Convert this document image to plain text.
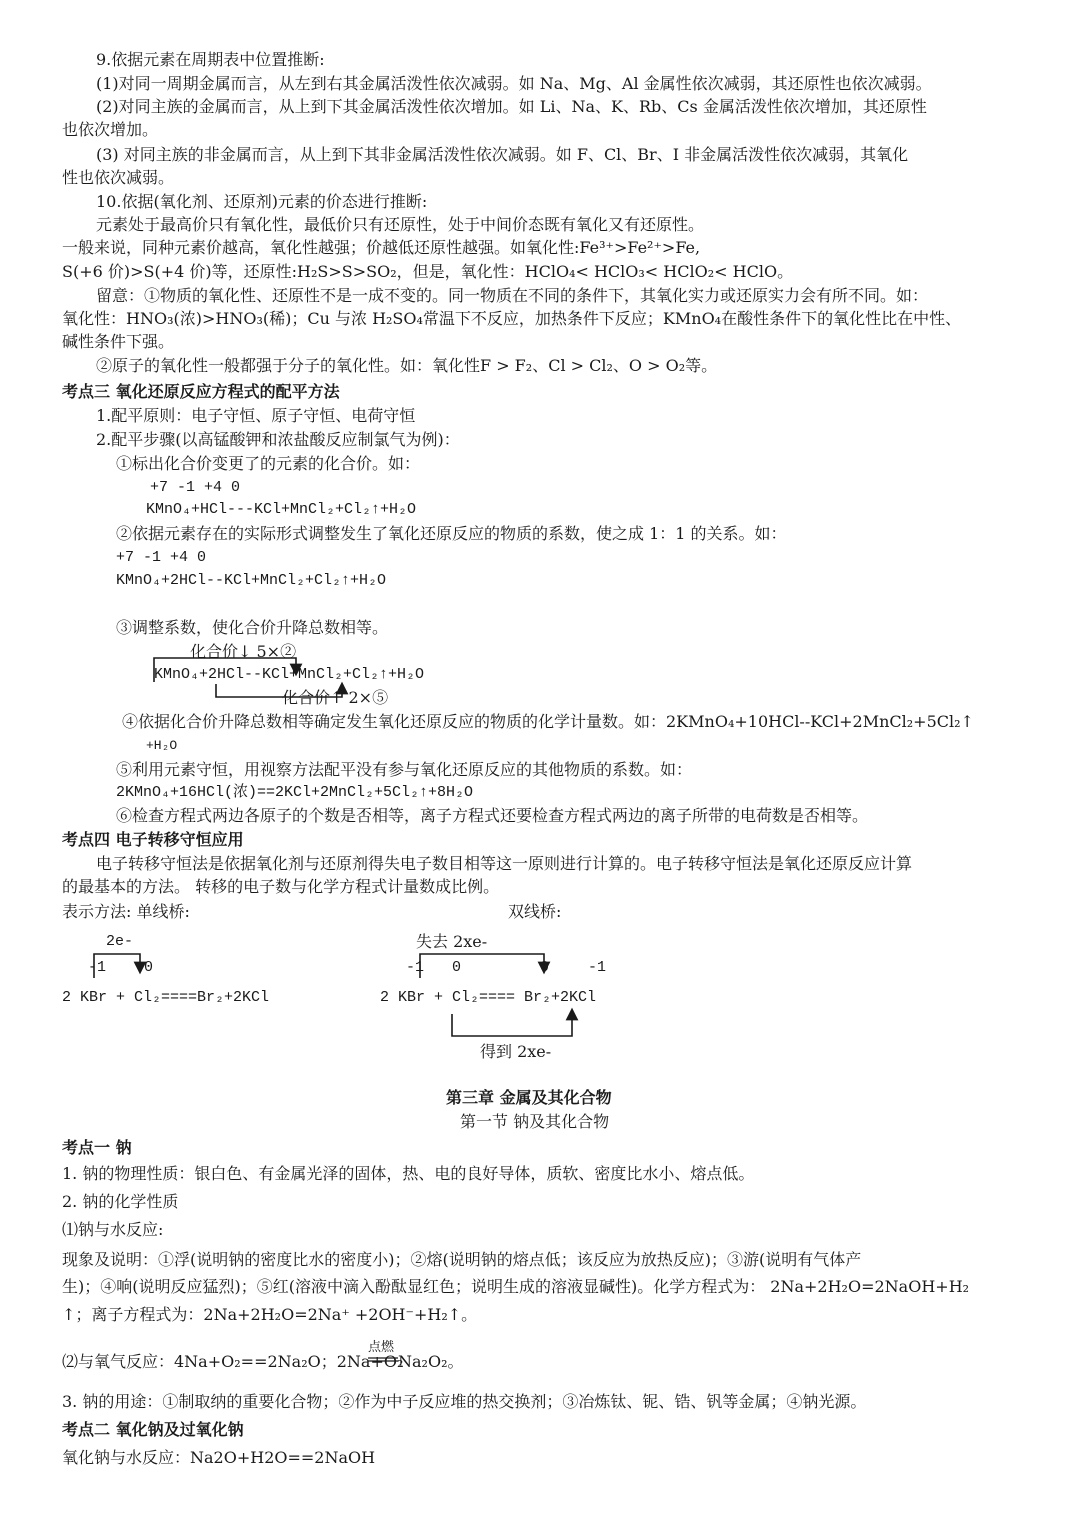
9.依据元素在周期表中位置推断:
(1)对同一周期金属而言，从左到右其金属活泼性依次减弱。如 Na、Mg、Al 金属性依次减弱，其还原性也依次减弱。
(2)对同主族的金属而言，从上到下其金属活泼性依次增加。如 Li、Na、K、Rb、Cs 金属活泼性依次增加，其还原性
也依次增加。
(3) 对同主族的非金属而言，从上到下其非金属活泼性依次减弱。如 F、Cl、Br、I 非金属活泼性依次减弱，其氧化
性也依次减弱。
10.依据(氧化剂、还原剂)元素的价态进行推断:
元素处于最高价只有氧化性，最低价只有还原性，处于中间价态既有氧化又有还原性。
一般来说，同种元素价越高，氧化性越强；价越低还原性越强。如氧化性:Fe³⁺>Fe²⁺>Fe,
S(+6 价)>S(+4 价)等，还原性:H₂S>S>SO₂，但是，氧化性：HClO₄< HClO₃< HClO₂< HClO。
留意：①物质的氧化性、还原性不是一成不变的。同一物质在不同的条件下，其氧化实力或还原实力会有所不同。如：
氧化性：HNO₃(浓)>HNO₃(稀)；Cu 与浓 H₂SO₄常温下不反应，加热条件下反应；KMnO₄在酸性条件下的氧化性比在中性、
碱性条件下强。
②原子的氧化性一般都强于分子的氧化性。如：氧化性F > F₂、Cl > Cl₂、O > O₂等。
考点三 氧化还原反应方程式的配平方法
1.配平原则：电子守恒、原子守恒、电荷守恒
2.配平步骤(以高锰酸钾和浓盐酸反应制氯气为例)：
①标出化合价变更了的元素的化合价。如：
+7 -1 +4 0
KMnO₄+HCl---KCl+MnCl₂+Cl₂↑+H₂O
②依据元素存在的实际形式调整发生了氧化还原反应的物质的系数，使之成 1：1 的关系。如：
+7 -1 +4 0
KMnO₄+2HCl--KCl+MnCl₂+Cl₂↑+H₂O
③调整系数，使化合价升降总数相等。
化合价↓ 5×②
KMnO₄+2HCl--KCl+MnCl₂+Cl₂↑+H₂O
化合价↑ 2×⑤
④依据化合价升降总数相等确定发生氧化还原反应的物质的化学计量数。如：2KMnO₄+10HCl--KCl+2MnCl₂+5Cl₂↑
+H₂O
⑤利用元素守恒，用视察方法配平没有参与氧化还原反应的其他物质的系数。如：
2KMnO₄+16HCl(浓)==2KCl+2MnCl₂+5Cl₂↑+8H₂O
⑥检查方程式两边各原子的个数是否相等，离子方程式还要检查方程式两边的离子所带的电荷数是否相等。
考点四 电子转移守恒应用
电子转移守恒法是依据氧化剂与还原剂得失电子数目相等这一原则进行计算的。电子转移守恒法是氧化还原反应计算
的最基本的方法。 转移的电子数与化学方程式计量数成比例。
表示方法: 单线桥:	双线桥:
2e-
-1	0
2 KBr + Cl₂====Br₂+2KCl
失去 2xe-
-1 0	0	-1
2 KBr + Cl₂==== Br₂+2KCl
得到 2xe-
第三章 金属及其化合物
第一节 钠及其化合物
考点一 钠
1. 钠的物理性质：银白色、有金属光泽的固体，热、电的良好导体，质软、密度比水小、熔点低。
2. 钠的化学性质
⑴钠与水反应:
现象及说明：①浮(说明钠的密度比水的密度小)；②熔(说明钠的熔点低；该反应为放热反应)；③游(说明有气体产
生)；④响(说明反应猛烈)；⑤红(溶液中滴入酚酞显红色；说明生成的溶液显碱性)。化学方程式为： 2Na+2H₂O=2NaOH+H₂
↑；离子方程式为：2Na+2H₂O=2Na⁺ +2OH⁻+H₂↑。
⑵与氧气反应：4Na+O₂==2Na₂O；2Na+O₂
点燃
Na₂O₂。
3. 钠的用途：①制取纳的重要化合物；②作为中子反应堆的热交换剂；③冶炼钛、铌、锆、钒等金属；④钠光源。
考点二 氧化钠及过氧化钠
氧化钠与水反应：Na2O+H2O==2NaOH
